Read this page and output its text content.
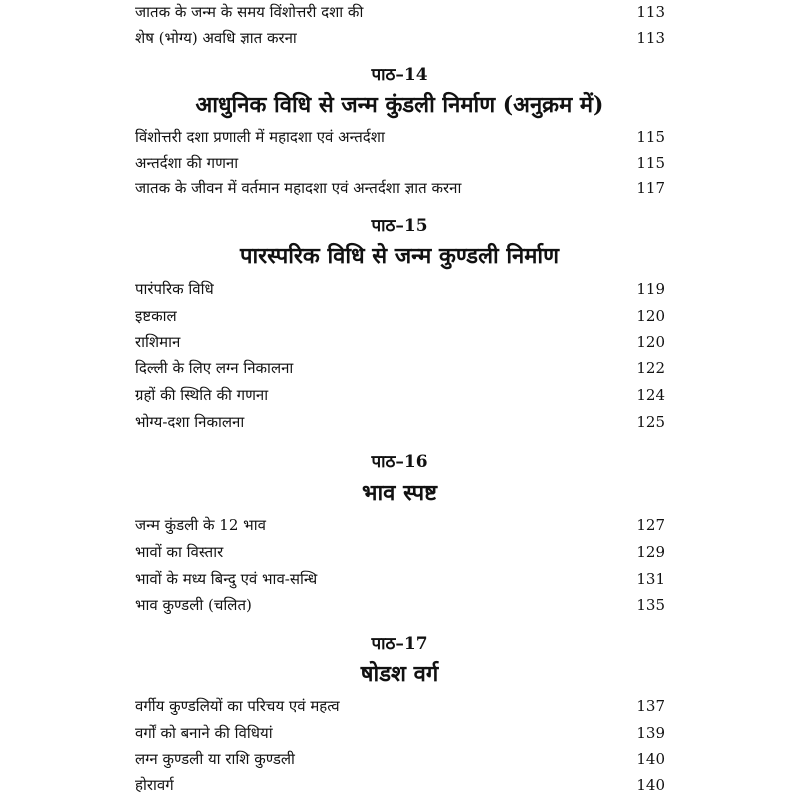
जातक के जन्म के समय विंशोत्तरी दशा की	113
शेष (भोग्य) अवधि ज्ञात करना	113
पाठ–14
आधुनिक विधि से जन्म कुंडली निर्माण (अनुक्रम में)
विंशोत्तरी दशा प्रणाली में महादशा एवं अन्तर्दशा	115
अन्तर्दशा की गणना	115
जातक के जीवन में वर्तमान महादशा एवं अन्तर्दशा ज्ञात करना	117
पाठ–15
पारस्परिक विधि से जन्म कुण्डली निर्माण
पारंपरिक विधि	119
इष्टकाल	120
राशिमान	120
दिल्ली के लिए लग्न निकालना	122
ग्रहों की स्थिति की गणना	124
भोग्य-दशा निकालना	125
पाठ–16
भाव स्पष्ट
जन्म कुंडली के 12 भाव	127
भावों का विस्तार	129
भावों के मध्य बिन्दु एवं भाव-सन्धि	131
भाव कुण्डली (चलित)	135
पाठ–17
षोडश वर्ग
वर्गीय कुण्डलियों का परिचय एवं महत्व	137
वर्गों को बनाने की विधियां	139
लग्न कुण्डली या राशि कुण्डली	140
होरावर्ग	140
